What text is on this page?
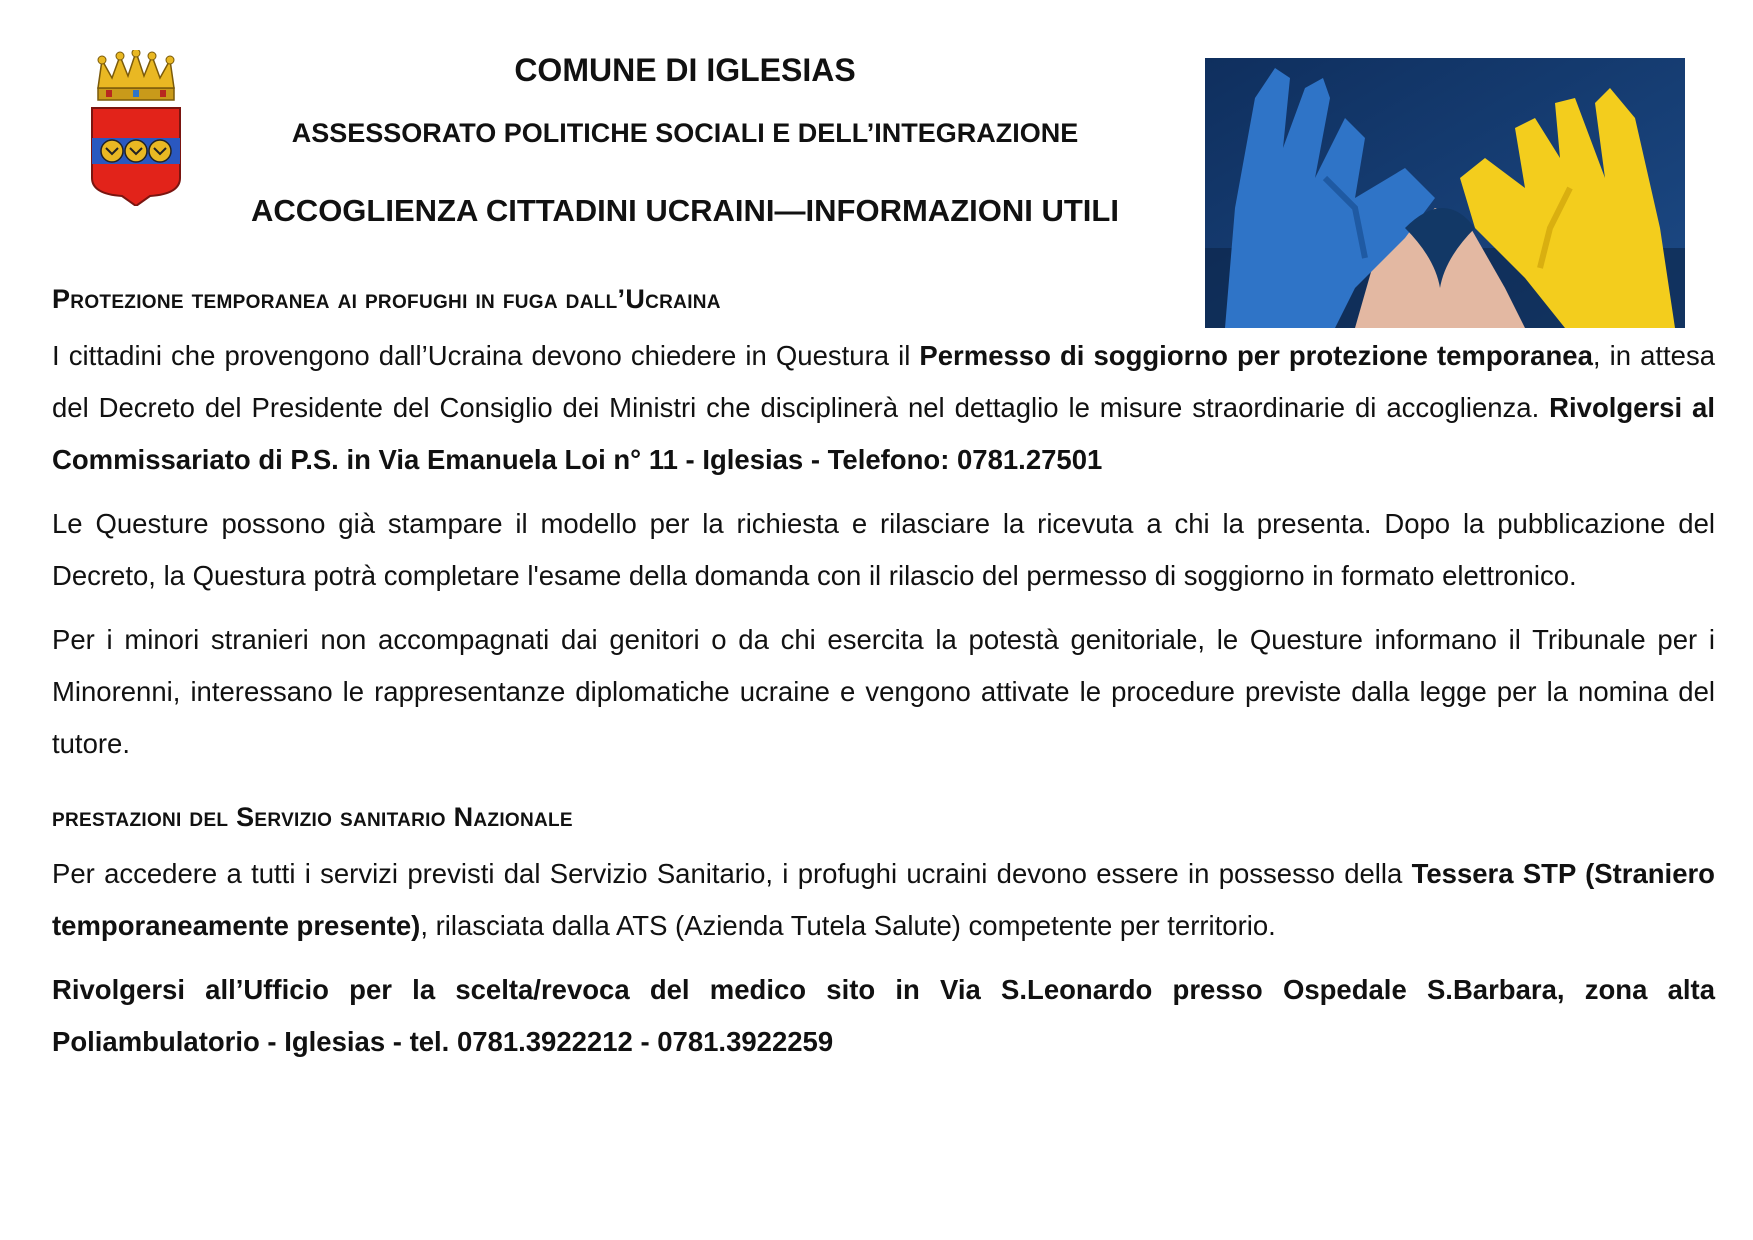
COMUNE DI IGLESIAS
ASSESSORATO POLITICHE SOCIALI E DELL’INTEGRAZIONE
ACCOGLIENZA CITTADINI UCRAINI—INFORMAZIONI UTILI
Protezione temporanea ai profughi in fuga dall’Ucraina

I cittadini che provengono dall’Ucraina devono chiedere in Questura il Permesso di soggiorno per protezione temporanea, in attesa del Decreto del Presidente del Consiglio dei Ministri che disciplinerà nel dettaglio le misure straordinarie di accoglienza. Rivolgersi al Commissariato di P.S. in Via Emanuela Loi n° 11 - Iglesias - Telefono: 0781.27501

Le Questure possono già stampare il modello per la richiesta e rilasciare la ricevuta a chi la presenta. Dopo la pubblicazione del Decreto, la Questura potrà completare l'esame della domanda con il rilascio del permesso di soggiorno in formato elettronico.

Per i minori stranieri non accompagnati dai genitori o da chi esercita la potestà genitoriale, le Questure informano il Tribunale per i Minorenni, interessano le rappresentanze diplomatiche ucraine e vengono attivate le procedure previste dalla legge per la nomina del tutore.

prestazioni del Servizio sanitario Nazionale

Per accedere a tutti i servizi previsti dal Servizio Sanitario, i profughi ucraini devono essere in possesso della Tessera STP (Straniero temporaneamente presente), rilasciata dalla ATS (Azienda Tutela Salute) competente per territorio.

Rivolgersi all’Ufficio per la scelta/revoca del medico sito in Via S.Leonardo presso Ospedale S.Barbara, zona alta Poliambulatorio - Iglesias - tel. 0781.3922212 - 0781.3922259
